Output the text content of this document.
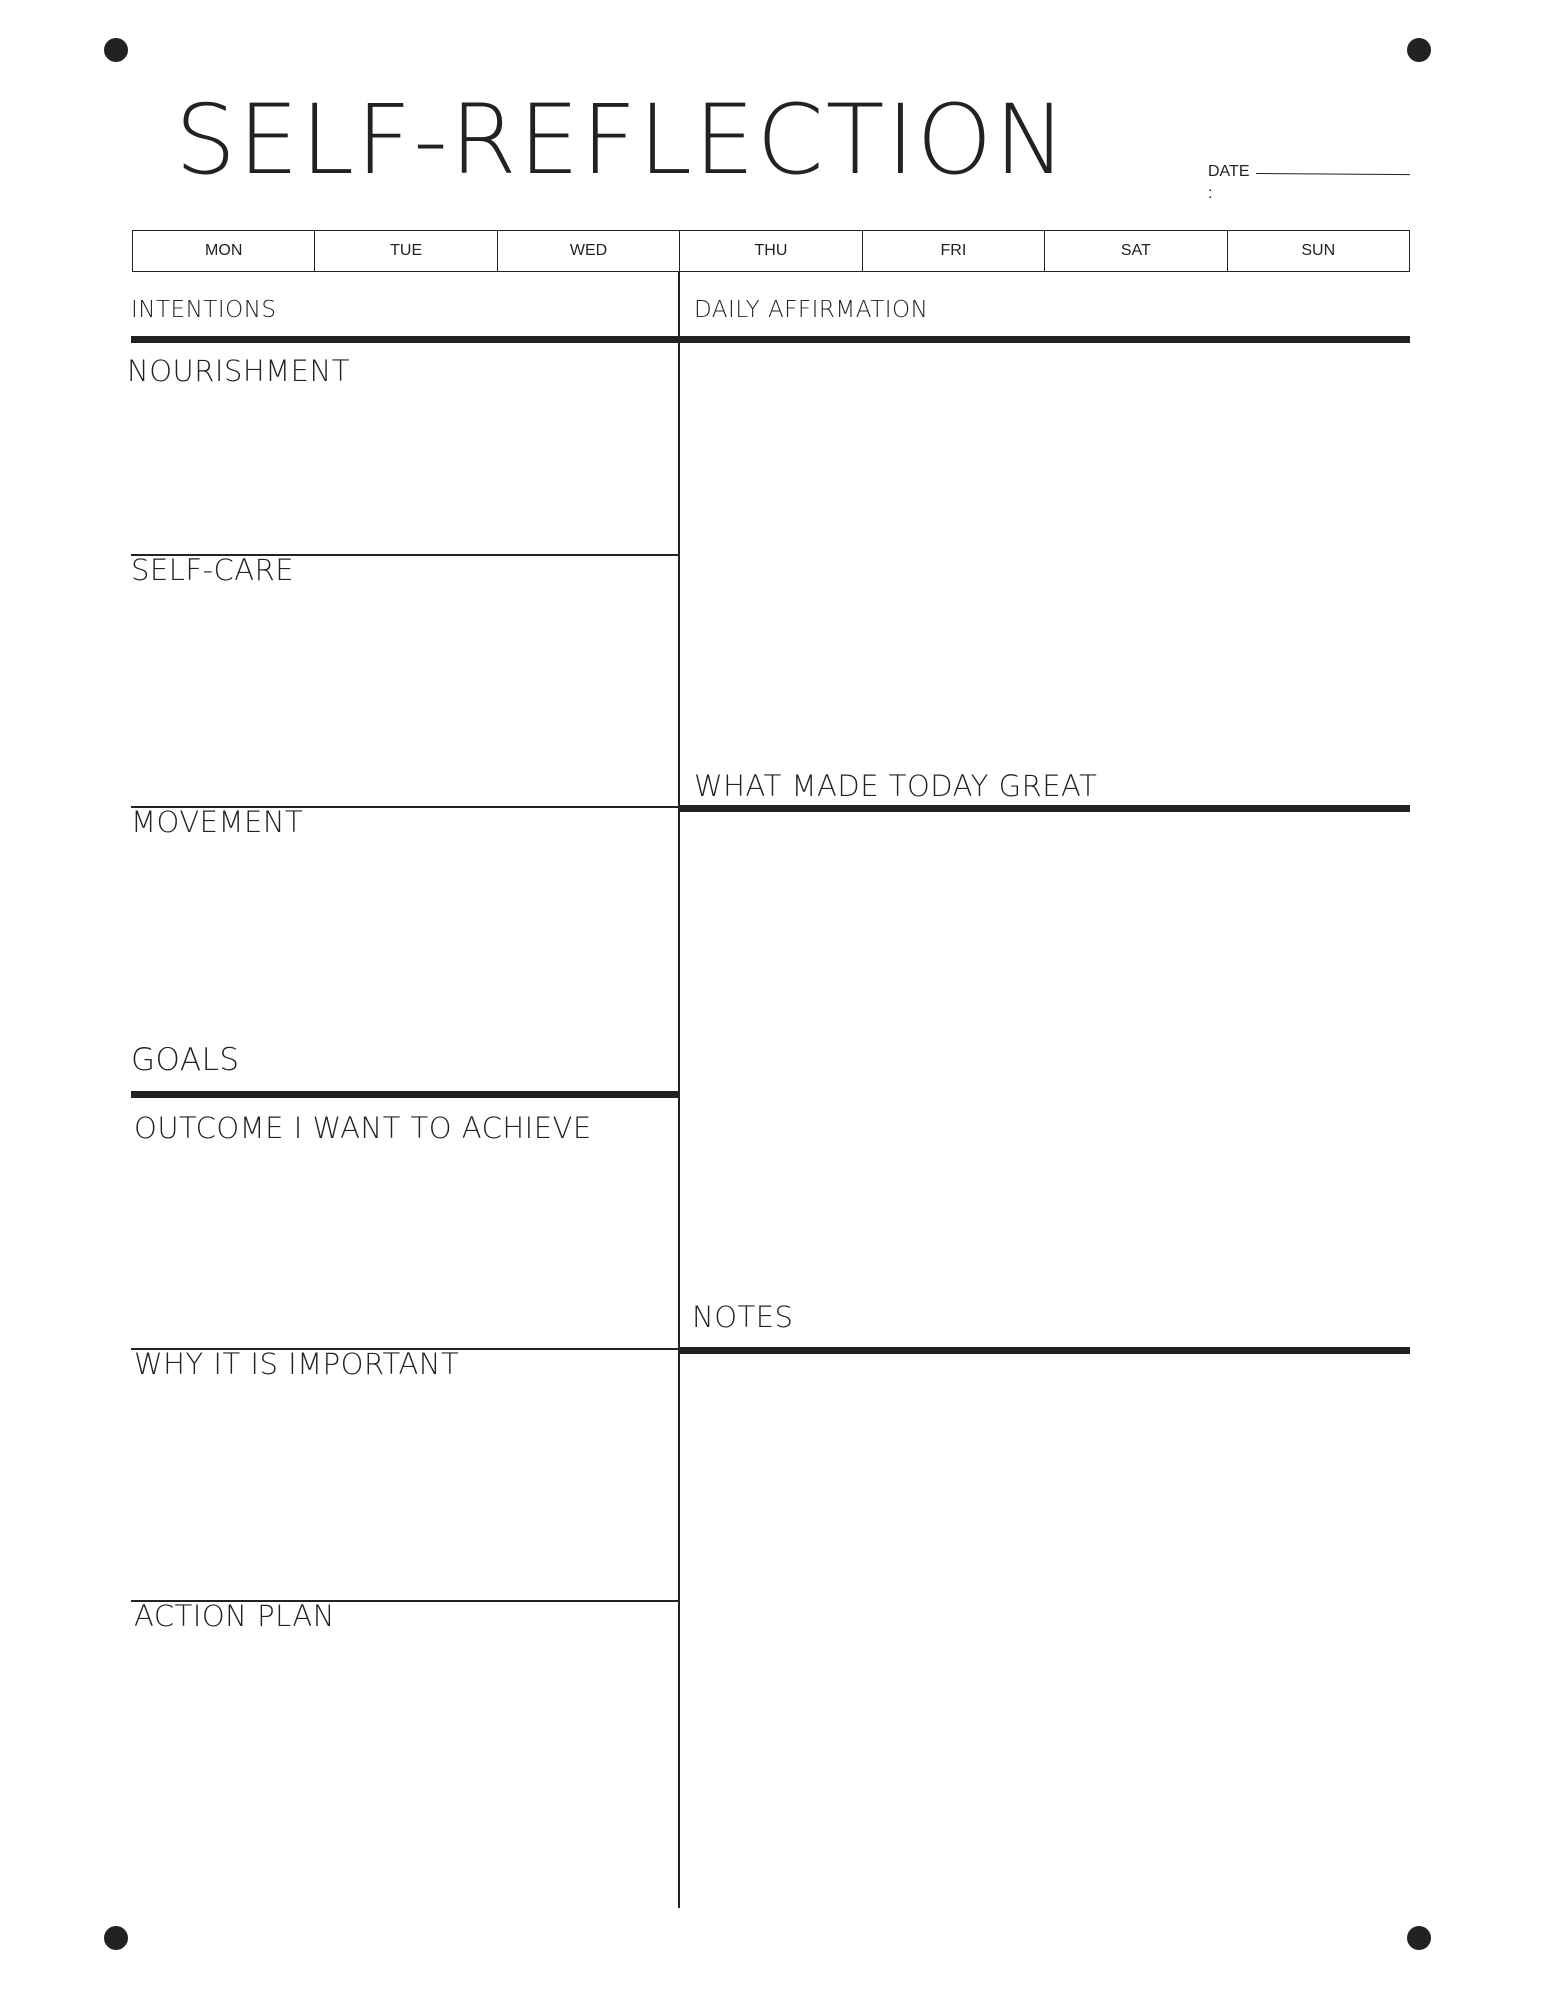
SELF-REFLECTION	DATE
:
MON	TUE	WED	THU	FRI	SAT	SUN

INTENTIONS

NOURISHMENT

SELF-CARE

MOVEMENT

GOALS

OUTCOME I WANT TO ACHIEVE

WHY IT IS IMPORTANT

ACTION PLAN

DAILY AFFIRMATION

WHAT MADE TODAY GREAT

NOTES
